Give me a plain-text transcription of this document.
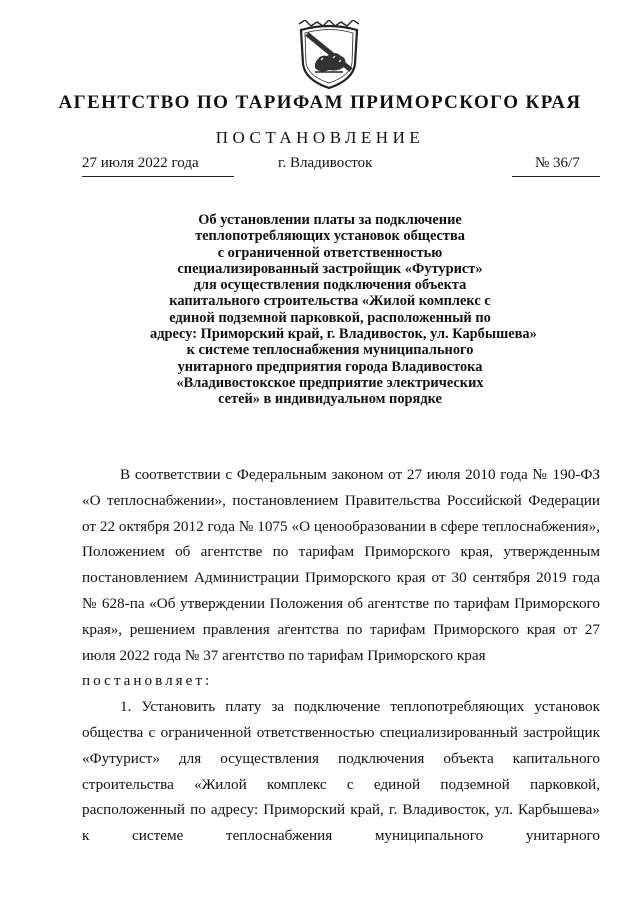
АГЕНТСТВО ПО ТАРИФАМ ПРИМОРСКОГО КРАЯ
ПОСТАНОВЛЕНИЕ
27 июля 2022 года	г. Владивосток	№ 36/7
Об установлении платы за подключение
теплопотребляющих установок общества
с ограниченной ответственностью
специализированный застройщик «Футурист»
для осуществления подключения объекта
капитального строительства «Жилой комплекс с
единой подземной парковкой, расположенный по
адресу: Приморский край, г. Владивосток, ул. Карбышева»
к системе теплоснабжения муниципального
унитарного предприятия города Владивостока
«Владивостокское предприятие электрических
сетей» в индивидуальном порядке
В соответствии с Федеральным законом от 27 июля 2010 года № 190-ФЗ «О теплоснабжении», постановлением Правительства Российской Федерации от 22 октября 2012 года № 1075 «О ценообразовании в сфере теплоснабжения», Положением об агентстве по тарифам Приморского края, утвержденным постановлением Администрации Приморского края от 30 сентября 2019 года № 628-па «Об утверждении Положения об агентстве по тарифам Приморского края», решением правления агентства по тарифам Приморского края от 27 июля 2022 года № 37 агентство по тарифам Приморского края
постановляет:
1. Установить плату за подключение теплопотребляющих установок общества с ограниченной ответственностью специализированный застройщик «Футурист» для осуществления подключения объекта капитального строительства «Жилой комплекс с единой подземной парковкой, расположенный по адресу: Приморский край, г. Владивосток, ул. Карбышева» к системе теплоснабжения муниципального унитарного
